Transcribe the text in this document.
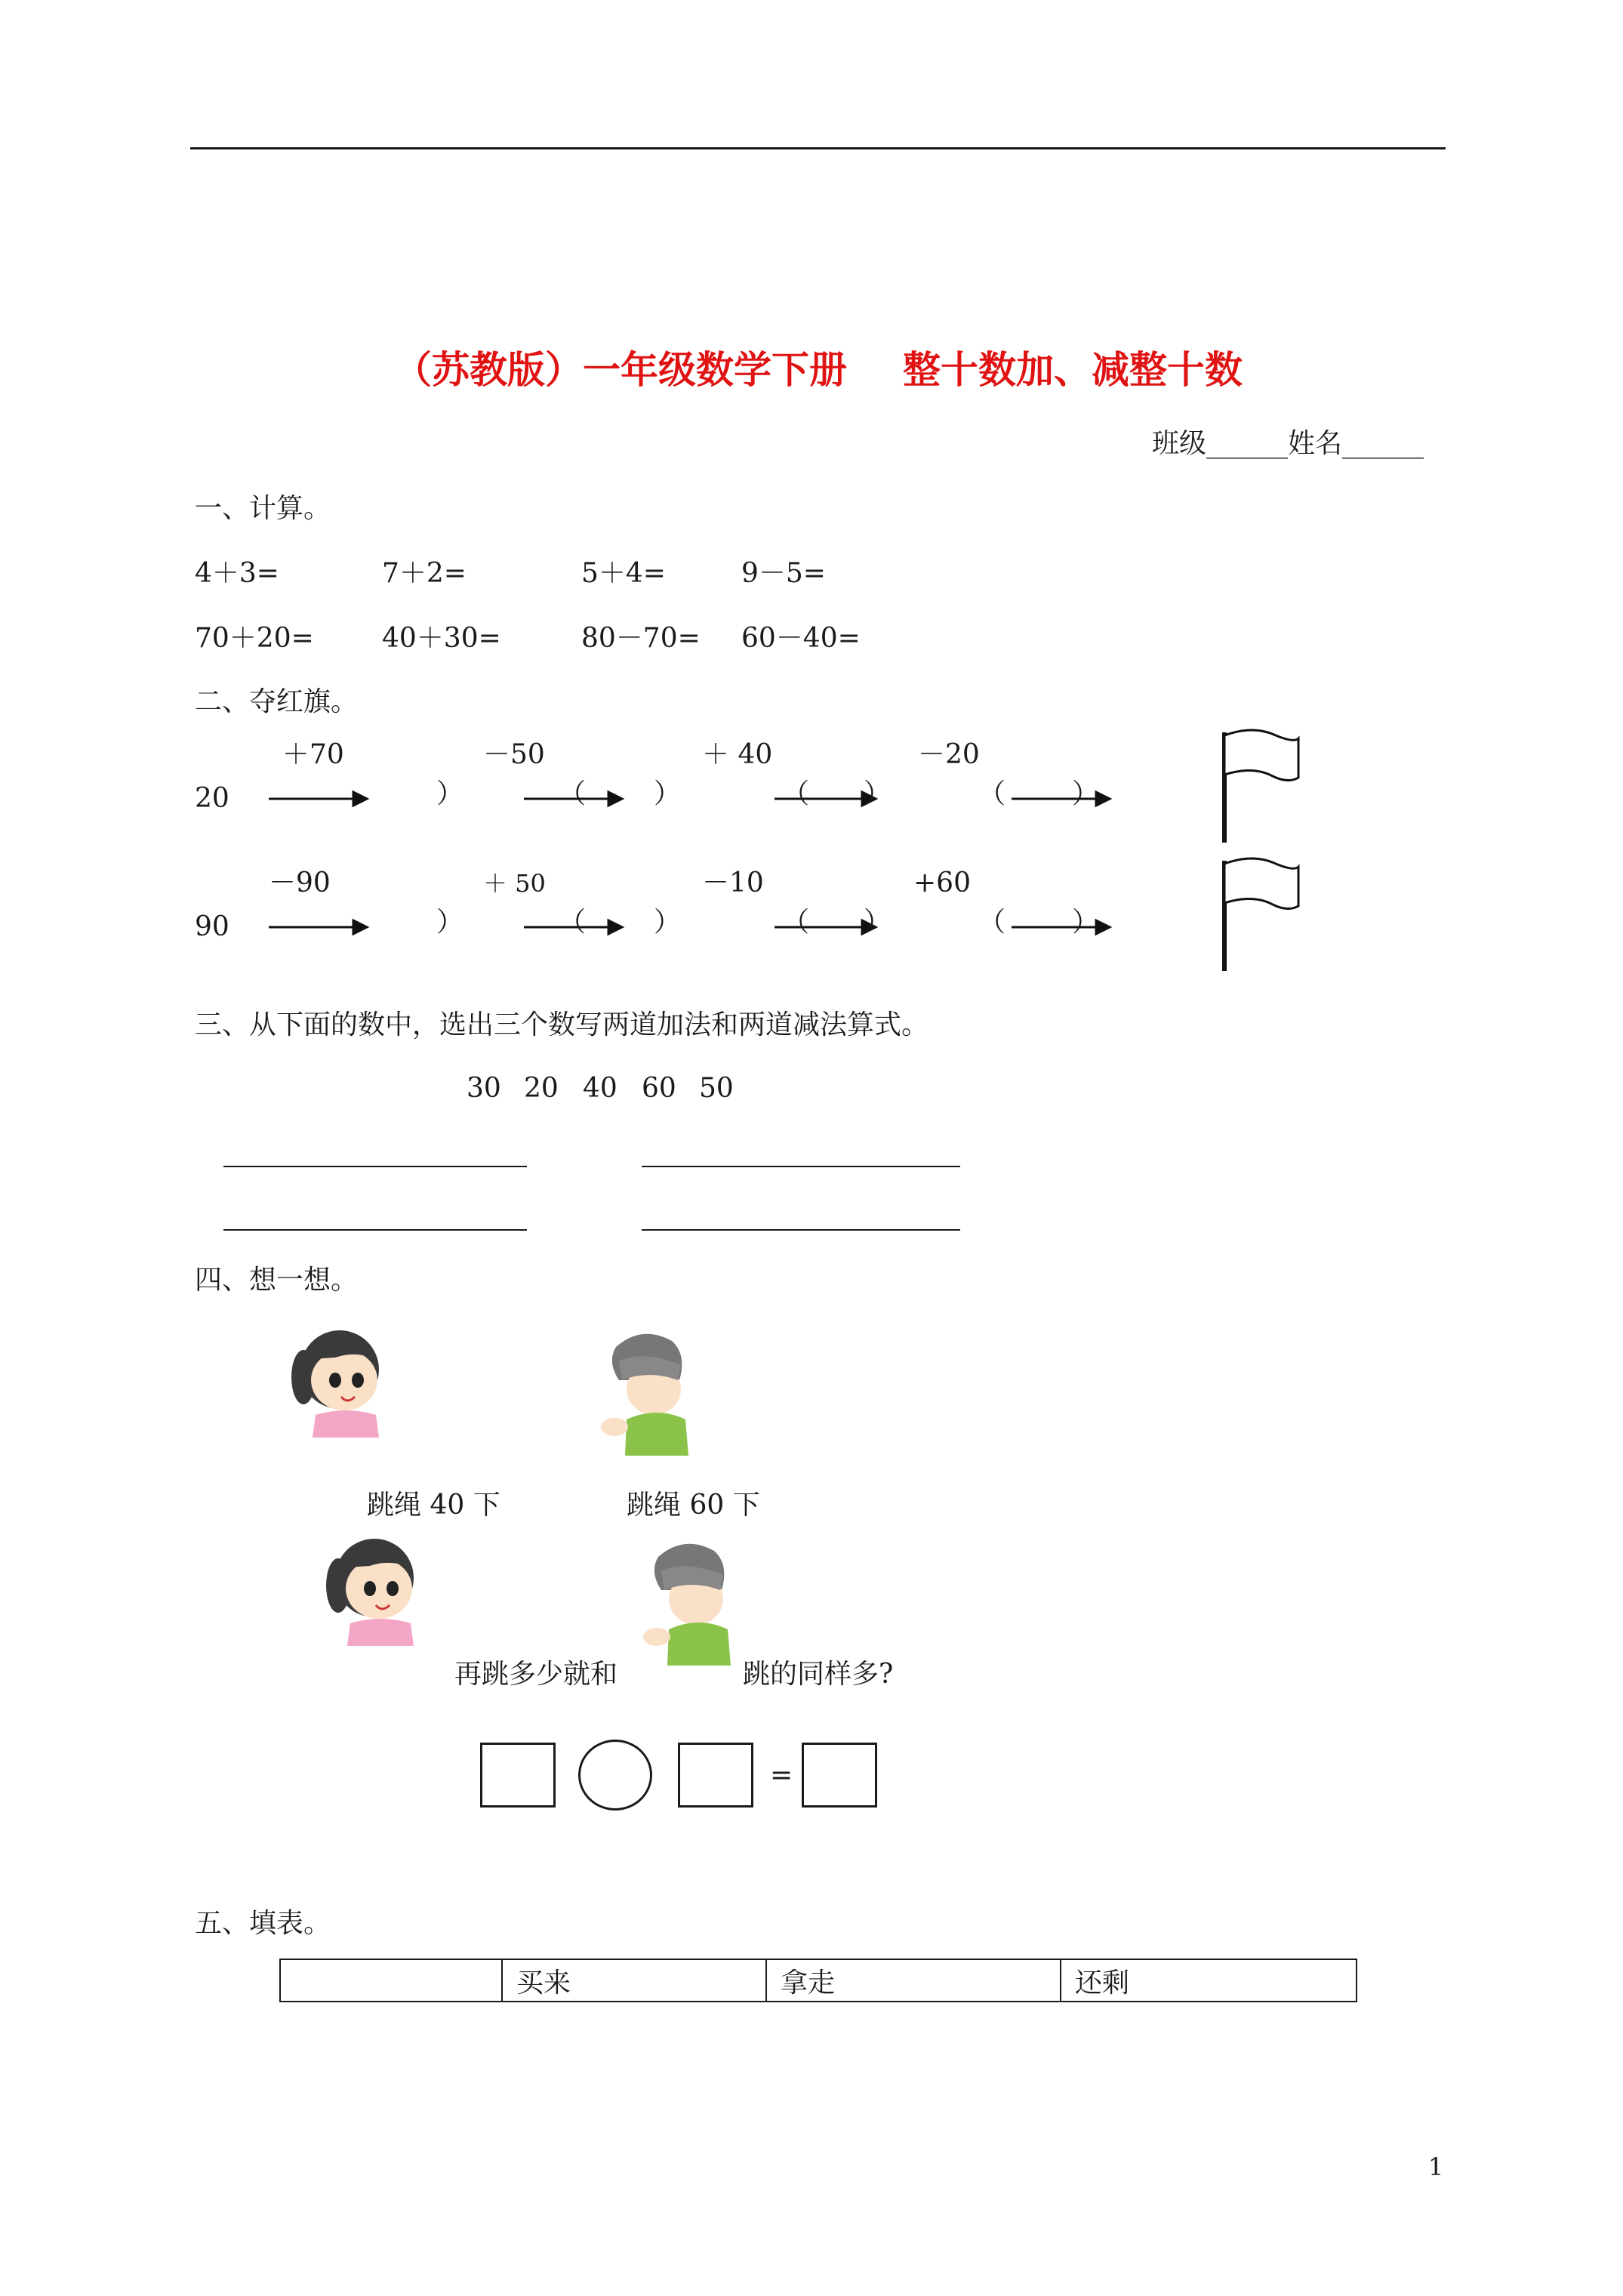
（苏教版）一年级数学下册 整十数加、减整十数
班级______姓名______
一、计算。
4＋3=	7＋2=	5＋4=	9－5=
70＋20=	40＋30=	80－70= 60－40=
二、夺红旗。
20
＋70	－50	＋ 40	－20
）	（ ）	（ ）	（ ）
90
－90	＋ 50	－10	+60
）	（ ）	（ ）	（ ）
三、从下面的数中，选出三个数写两道加法和两道减法算式。
30 20 40 60 50
四、想一想。
跳绳 40 下	跳绳 60 下
再跳多少就和	跳的同样多?
=
五、填表。
	买来	拿走	还剩
1
